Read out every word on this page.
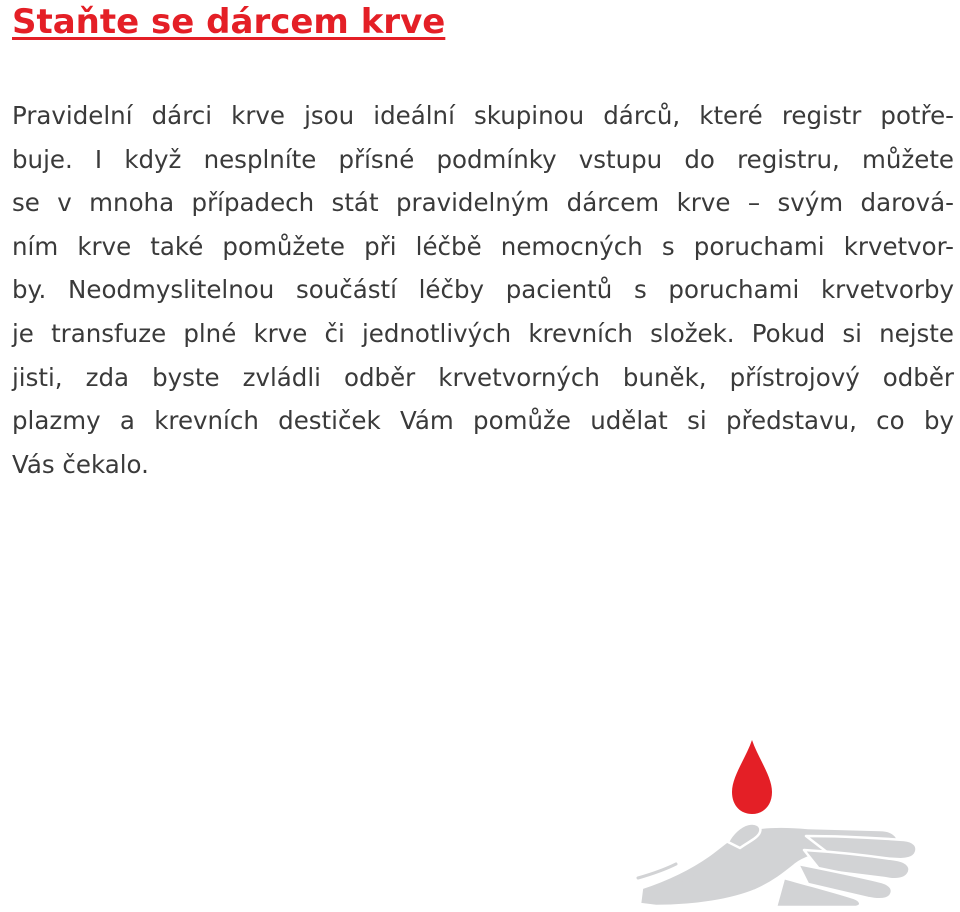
Staňte se dárcem krve
Pravidelní dárci krve jsou ideální skupinou dárců, které registr potře-
buje. I když nesplníte přísné podmínky vstupu do registru, můžete
se v mnoha případech stát pravidelným dárcem krve – svým darová-
ním krve také pomůžete při léčbě nemocných s poruchami krvetvor-
by. Neodmyslitelnou součástí léčby pacientů s poruchami krvetvorby
je transfuze plné krve či jednotlivých krevních složek. Pokud si nejste
jisti, zda byste zvládli odběr krvetvorných buněk, přístrojový odběr
plazmy a krevních destiček Vám pomůže udělat si představu, co by
Vás čekalo.
